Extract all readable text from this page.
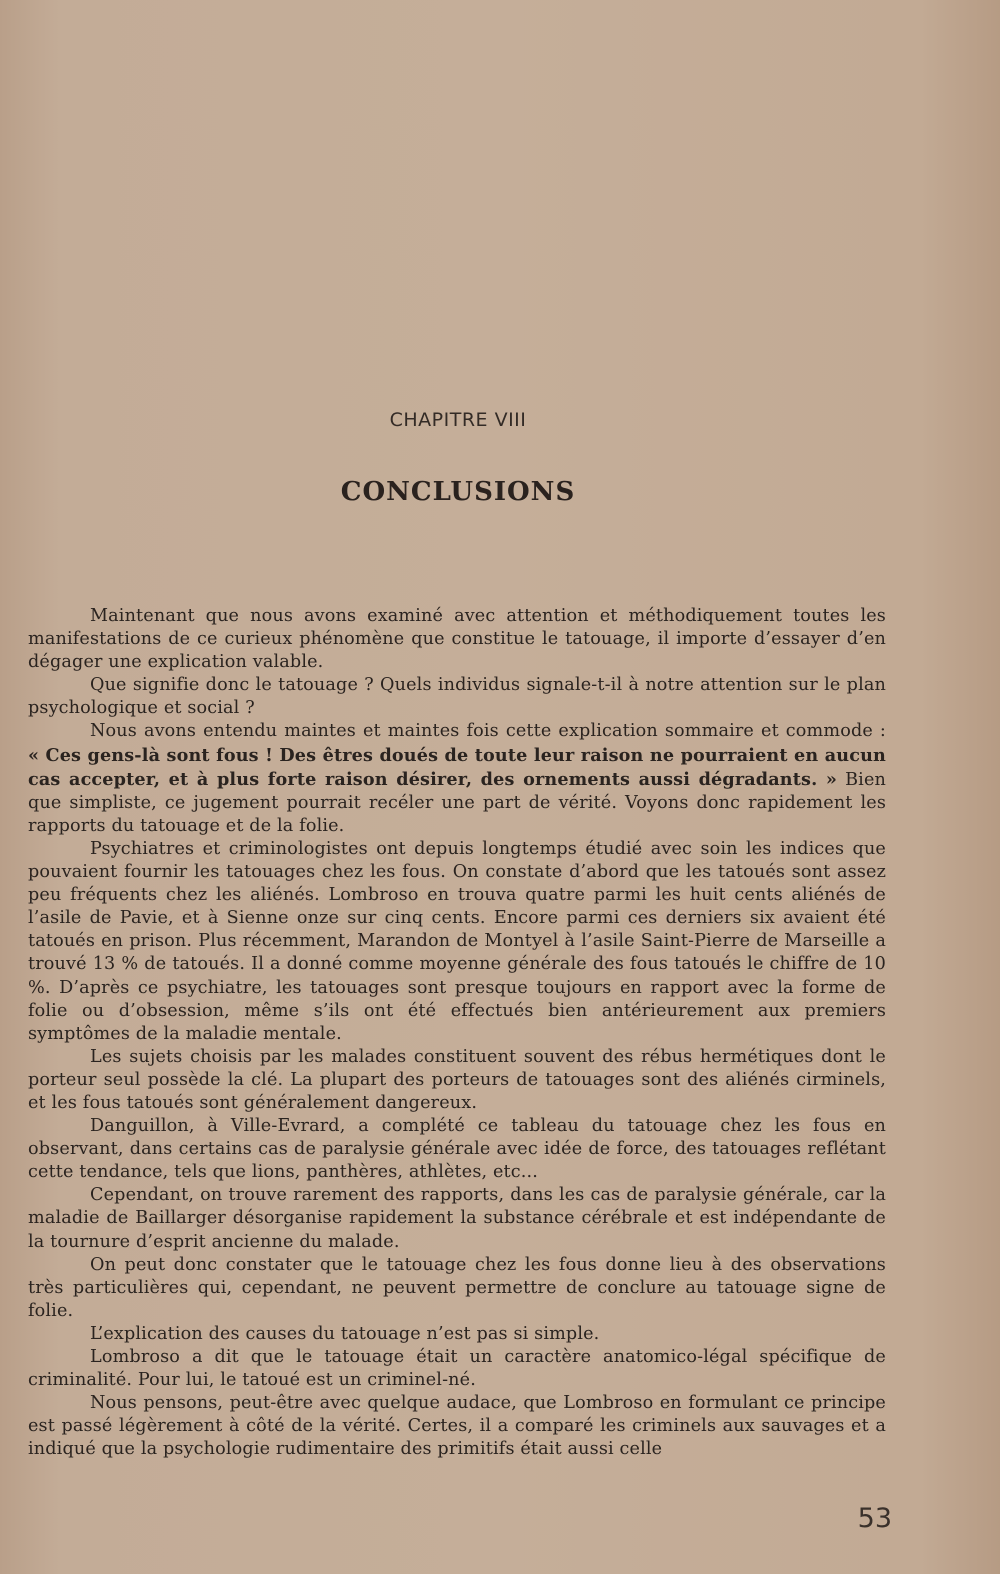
CHAPITRE VIII
CONCLUSIONS

Maintenant que nous avons examiné avec attention et méthodiquement toutes les manifestations de ce curieux phénomène que constitue le tatouage, il importe d’essayer d’en dégager une explication valable.

Que signifie donc le tatouage ? Quels individus signale-t-il à notre attention sur le plan psychologique et social ?

Nous avons entendu maintes et maintes fois cette explication sommaire et commode : « Ces gens-là sont fous ! Des êtres doués de toute leur raison ne pourraient en aucun cas accepter, et à plus forte raison désirer, des ornements aussi dégradants. » Bien que simpliste, ce jugement pourrait recéler une part de vérité. Voyons donc rapidement les rapports du tatouage et de la folie.

Psychiatres et criminologistes ont depuis longtemps étudié avec soin les indices que pouvaient fournir les tatouages chez les fous. On constate d’abord que les tatoués sont assez peu fréquents chez les aliénés. Lombroso en trouva quatre parmi les huit cents aliénés de l’asile de Pavie, et à Sienne onze sur cinq cents. Encore parmi ces derniers six avaient été tatoués en prison. Plus récemment, Marandon de Montyel à l’asile Saint-Pierre de Marseille a trouvé 13 % de tatoués. Il a donné comme moyenne générale des fous tatoués le chiffre de 10 %. D’après ce psychiatre, les tatouages sont presque toujours en rapport avec la forme de folie ou d’obsession, même s’ils ont été effectués bien antérieurement aux premiers symptômes de la maladie mentale.

Les sujets choisis par les malades constituent souvent des rébus hermétiques dont le porteur seul possède la clé. La plupart des porteurs de tatouages sont des aliénés cirminels, et les fous tatoués sont généralement dangereux.

Danguillon, à Ville-Evrard, a complété ce tableau du tatouage chez les fous en observant, dans certains cas de paralysie générale avec idée de force, des tatouages reflétant cette tendance, tels que lions, panthères, athlètes, etc...

Cependant, on trouve rarement des rapports, dans les cas de paralysie générale, car la maladie de Baillarger désorganise rapidement la substance cérébrale et est indépendante de la tournure d’esprit ancienne du malade.

On peut donc constater que le tatouage chez les fous donne lieu à des observations très particulières qui, cependant, ne peuvent permettre de conclure au tatouage signe de folie.

L’explication des causes du tatouage n’est pas si simple.

Lombroso a dit que le tatouage était un caractère anatomico-légal spécifique de criminalité. Pour lui, le tatoué est un criminel-né.

Nous pensons, peut-être avec quelque audace, que Lombroso en formulant ce principe est passé légèrement à côté de la vérité. Certes, il a comparé les criminels aux sauvages et a indiqué que la psychologie rudimentaire des primitifs était aussi celle

53
